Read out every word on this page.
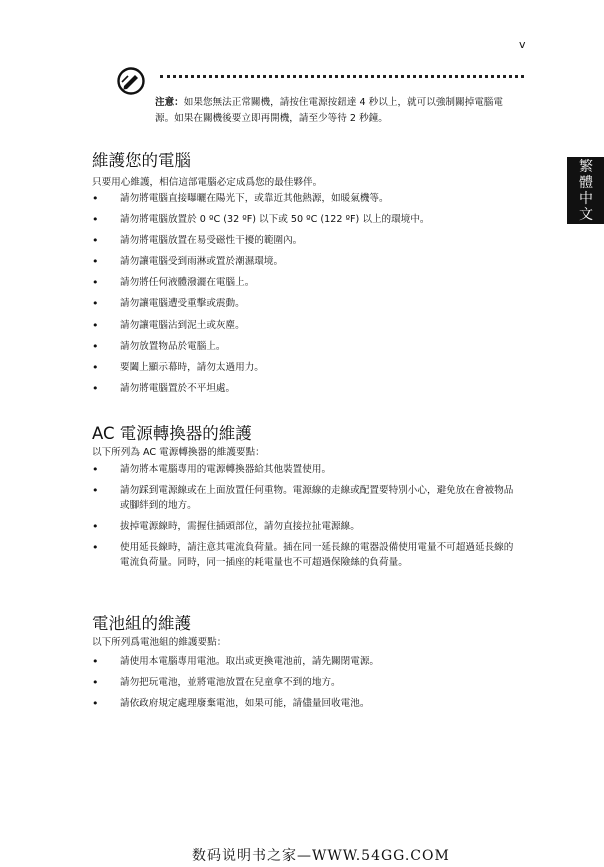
v
注意：如果您無法正常關機，請按住電源按鈕達 4 秒以上，就可以強制關掉電腦電源。如果在關機後要立即再開機，請至少等待 2 秒鐘。
繁
體
中
文
維護您的電腦

只要用心維護，相信這部電腦必定成爲您的最佳夥伴。

• 請勿將電腦直接曝曬在陽光下，或靠近其他熱源，如暖氣機等。
• 請勿將電腦放置於 0 ºC (32 ºF) 以下或 50 ºC (122 ºF) 以上的環境中。
• 請勿將電腦放置在易受磁性干擾的範圍內。
• 請勿讓電腦受到雨淋或置於潮濕環境。
• 請勿將任何液體潑灑在電腦上。
• 請勿讓電腦遭受重擊或震動。
• 請勿讓電腦沾到泥土或灰塵。
• 請勿放置物品於電腦上。
• 要闔上顯示幕時，請勿太過用力。
• 請勿將電腦置於不平坦處。
AC 電源轉換器的維護

以下所列為 AC 電源轉換器的維護要點：

• 請勿將本電腦專用的電源轉換器給其他裝置使用。
• 請勿踩到電源線或在上面放置任何重物。電源線的走線或配置要特別小心，避免放在會被物品或腳絆到的地方。
• 拔掉電源線時，需握住插頭部位，請勿直接拉扯電源線。
• 使用延長線時，請注意其電流負荷量。插在同一延長線的電器設備使用電量不可超過延長線的電流負荷量。同時，同一插座的耗電量也不可超過保險絲的負荷量。
電池組的維護

以下所列爲電池組的維護要點：

• 請使用本電腦專用電池。取出或更換電池前，請先關閉電源。
• 請勿把玩電池，並將電池放置在兒童拿不到的地方。
• 請依政府規定處理廢棄電池，如果可能，請儘量回收電池。
数码说明书之家—WWW.54GG.COM
